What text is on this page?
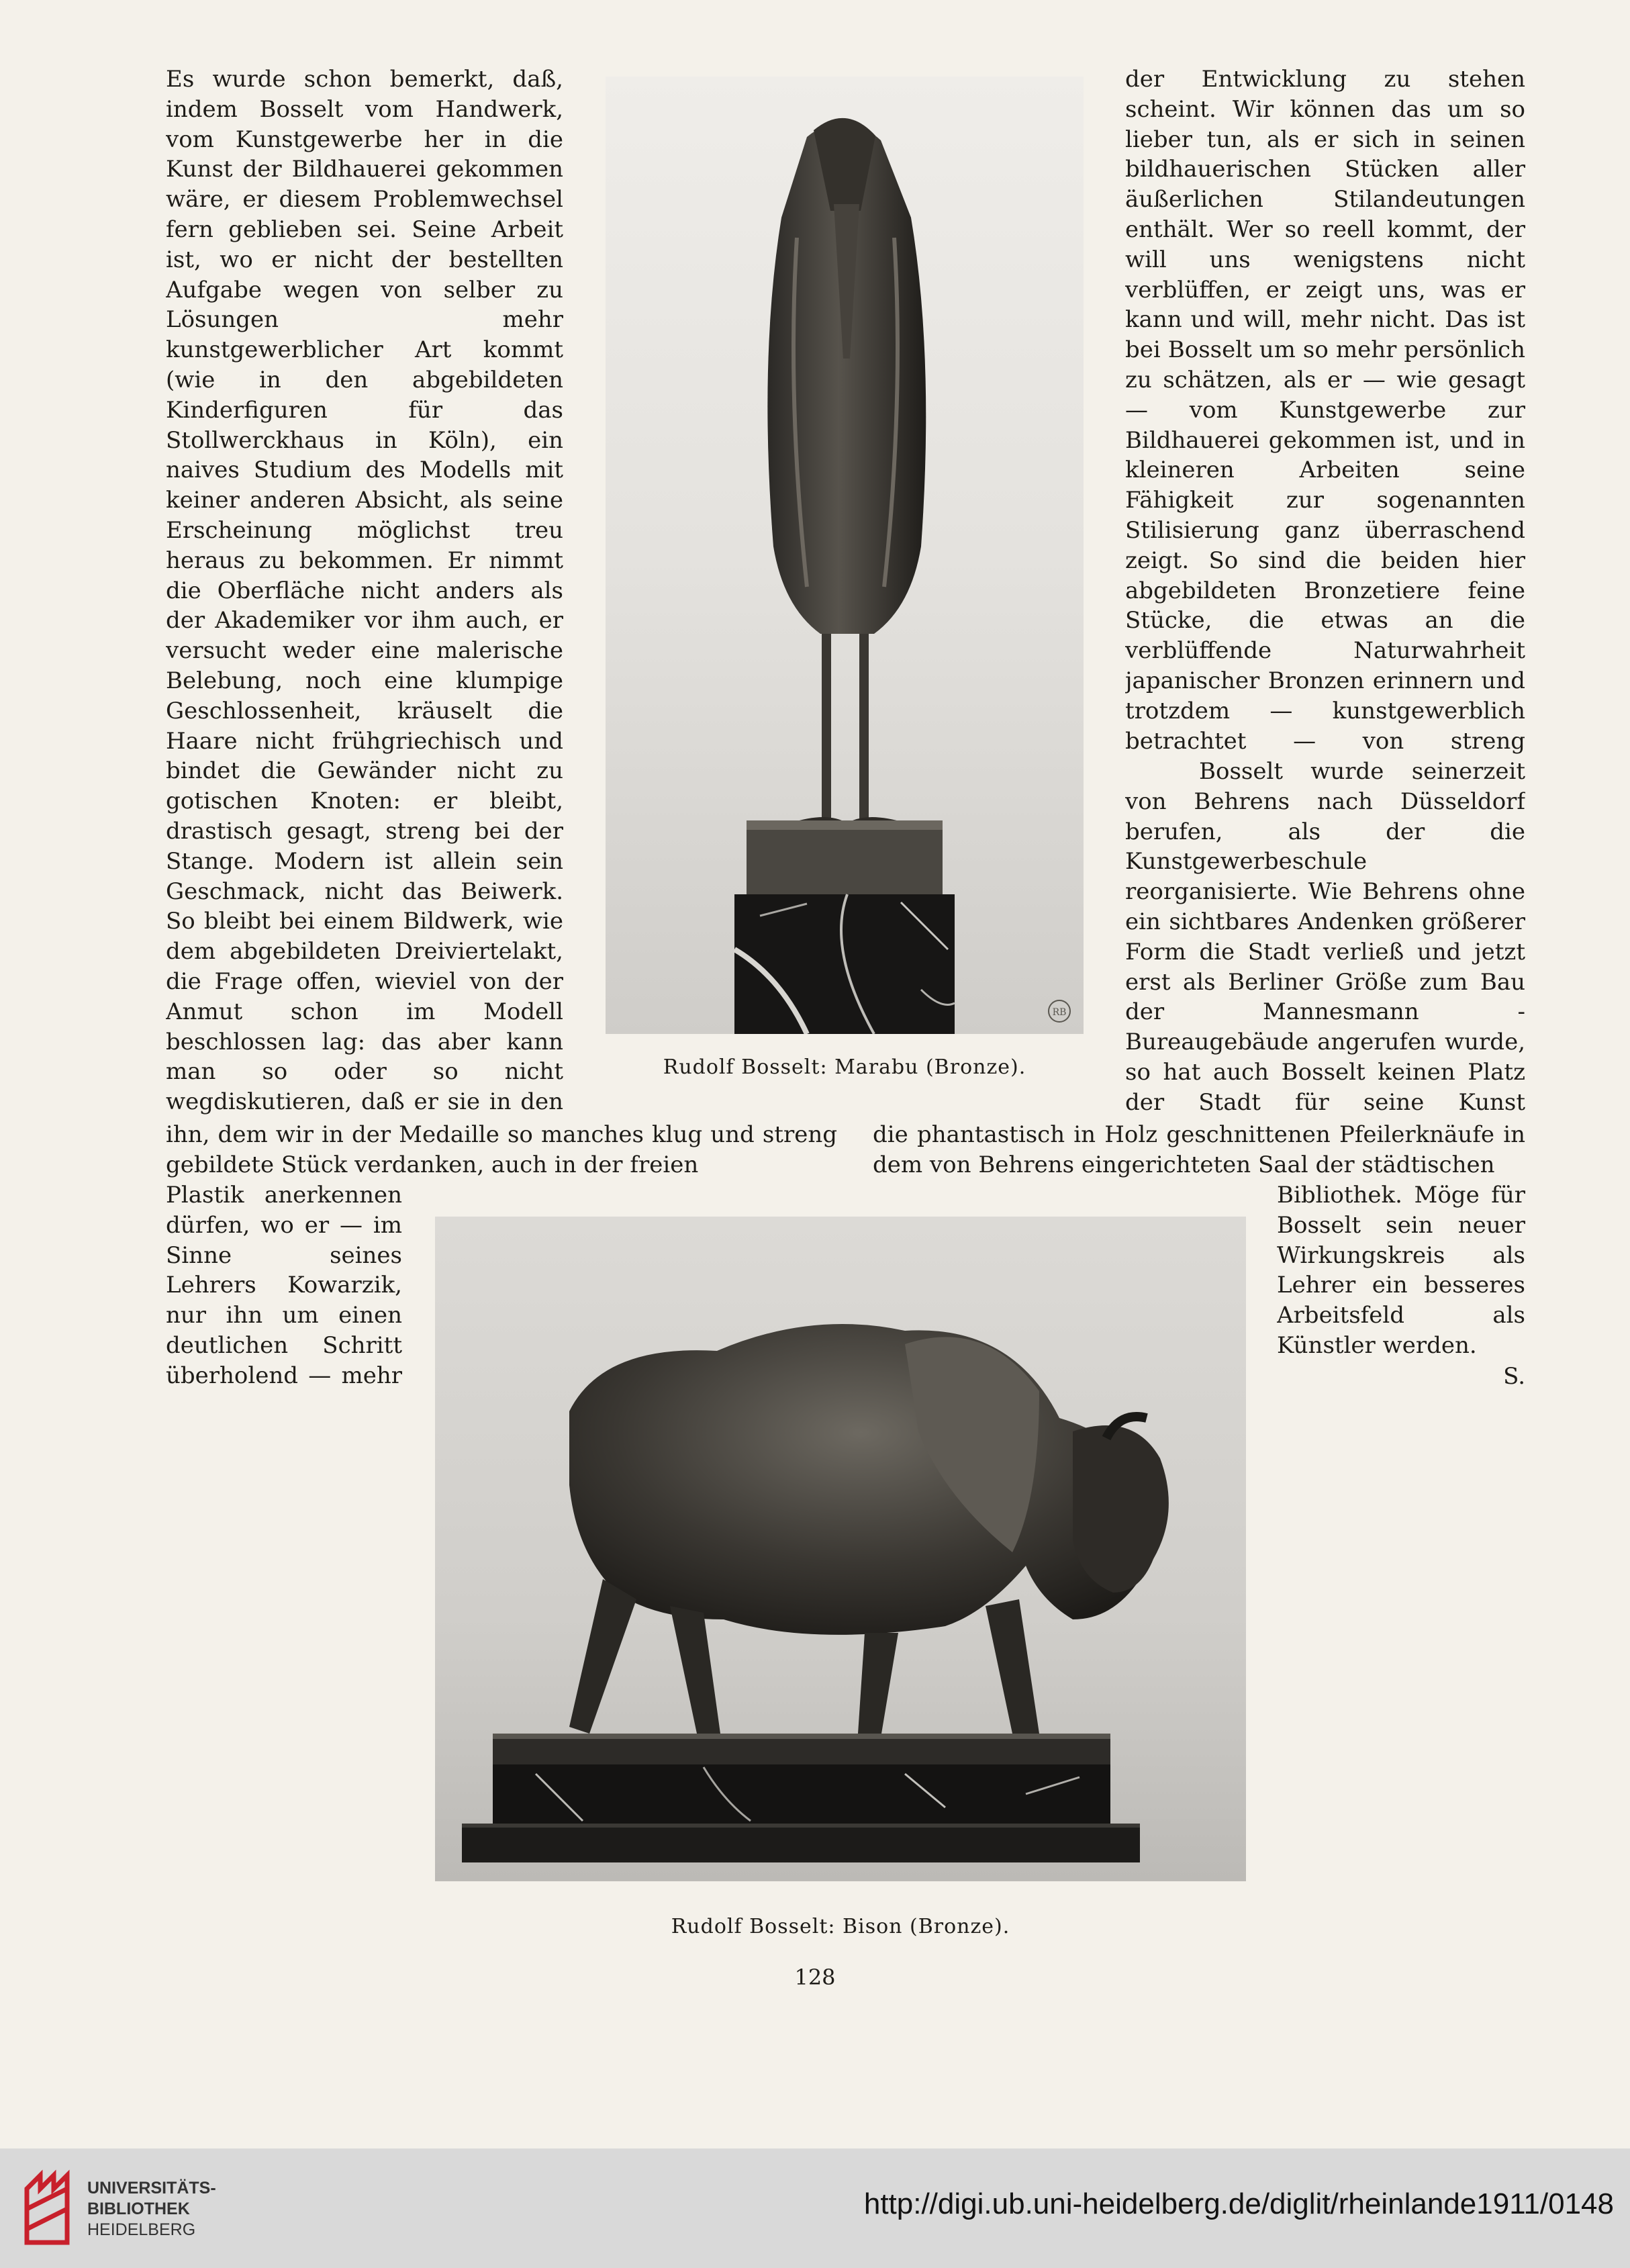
Es wurde schon bemerkt, daß, indem Bosselt vom Handwerk, vom Kunstgewerbe her in die Kunst der Bildhauerei gekommen wäre, er diesem Problemwechsel fern geblieben sei. Seine Arbeit ist, wo er nicht der bestellten Aufgabe wegen von selber zu Lösungen mehr kunstgewerblicher Art kommt (wie in den abgebildeten Kinderfiguren für das Stollwerckhaus in Köln), ein naives Studium des Modells mit keiner anderen Absicht, als seine Erscheinung möglichst treu heraus zu bekommen. Er nimmt die Oberfläche nicht anders als der Akademiker vor ihm auch, er versucht weder eine malerische Belebung, noch eine klumpige Geschlossenheit, kräuselt die Haare nicht frühgriechisch und bindet die Gewänder nicht zu gotischen Knoten: er bleibt, drastisch gesagt, streng bei der Stange. Modern ist allein sein Geschmack, nicht das Beiwerk. So bleibt bei einem Bildwerk, wie dem abgebildeten Dreiviertelakt, die Frage offen, wieviel von der Anmut schon im Modell beschlossen lag: das aber kann man so oder so nicht wegdiskutieren, daß er sie in den

RB

Rudolf Bosselt: Marabu (Bronze).

der Entwicklung zu stehen scheint. Wir können das um so lieber tun, als er sich in seinen bildhauerischen Stücken aller äußerlichen Stilandeutungen enthält. Wer so reell kommt, der will uns wenigstens nicht verblüffen, er zeigt uns, was er kann und will, mehr nicht. Das ist bei Bosselt um so mehr persönlich zu schätzen, als er — wie gesagt — vom Kunstgewerbe zur Bildhauerei gekommen ist, und in kleineren Arbeiten seine Fähigkeit zur sogenannten Stilisierung ganz überraschend zeigt. So sind die beiden hier abgebildeten Bronzetiere feine Stücke, die etwas an die verblüffende Naturwahrheit japanischer Bronzen erinnern und trotzdem — kunstgewerblich betrachtet — von streng

Bosselt wurde seinerzeit von Behrens nach Düsseldorf berufen, als der die Kunstgewerbeschule reorganisierte. Wie Behrens ohne ein sichtbares Andenken größerer Form die Stadt verließ und jetzt erst als Berliner Größe zum Bau der Mannesmann - Bureaugebäude angerufen wurde, so hat auch Bosselt keinen Platz der Stadt für seine Kunst

ihn, dem wir in der Medaille so manches klug und streng gebildete Stück verdanken, auch in der freien

die phantastisch in Holz geschnittenen Pfeilerknäufe in dem von Behrens eingerichteten Saal der städtischen

Plastik anerkennen dürfen, wo er — im Sinne seines Lehrers Kowarzik, nur ihn um einen deutlichen Schritt überholend — mehr

Bibliothek. Möge für Bosselt sein neuer Wirkungskreis als Lehrer ein besseres Arbeitsfeld als Künstler werden.

S.

Rudolf Bosselt: Bison (Bronze).

128

UNIVERSITÄTS-
BIBLIOTHEK
HEIDELBERG

http://digi.ub.uni-heidelberg.de/diglit/rheinlande1911/0148
